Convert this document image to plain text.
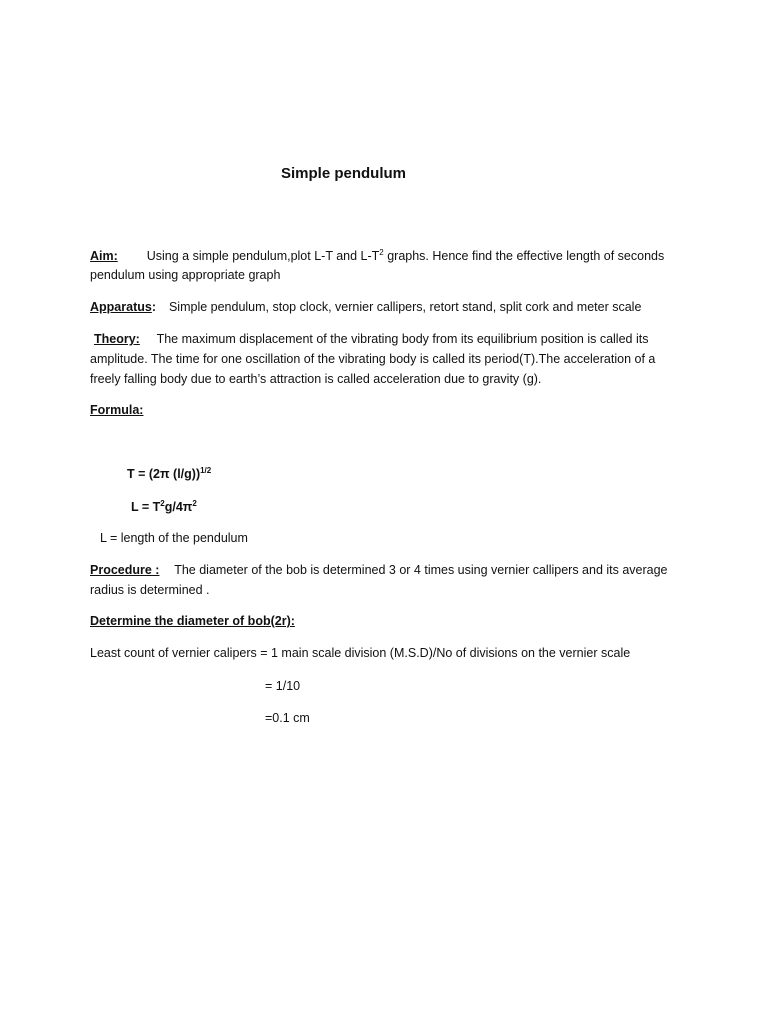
Simple pendulum
Aim: Using a simple pendulum,plot L-T and $L-T^2$ graphs. Hence find the effective length of seconds
pendulum using appropriate graph
Apparatus: Simple pendulum, stop clock, vernier callipers, retort stand, split cork and meter scale
Theory: The maximum displacement of the vibrating body from its equilibrium position is called its
amplitude. The time for one oscillation of the vibrating body is called its period(T).The acceleration of a
freely falling body due to earth’s attraction is called acceleration due to gravity (g).
Formula:
T = (2π (l/g))$^{1/2}$
$L = T^2g/4\pi^2$
L = length of the pendulum
Procedure : The diameter of the bob is determined 3 or 4 times using vernier callipers and its average
radius is determined .
Determine the diameter of bob(2r):
Least count of vernier calipers = 1 main scale division (M.S.D)/No of divisions on the vernier scale
= 1/10
=0.1 cm
